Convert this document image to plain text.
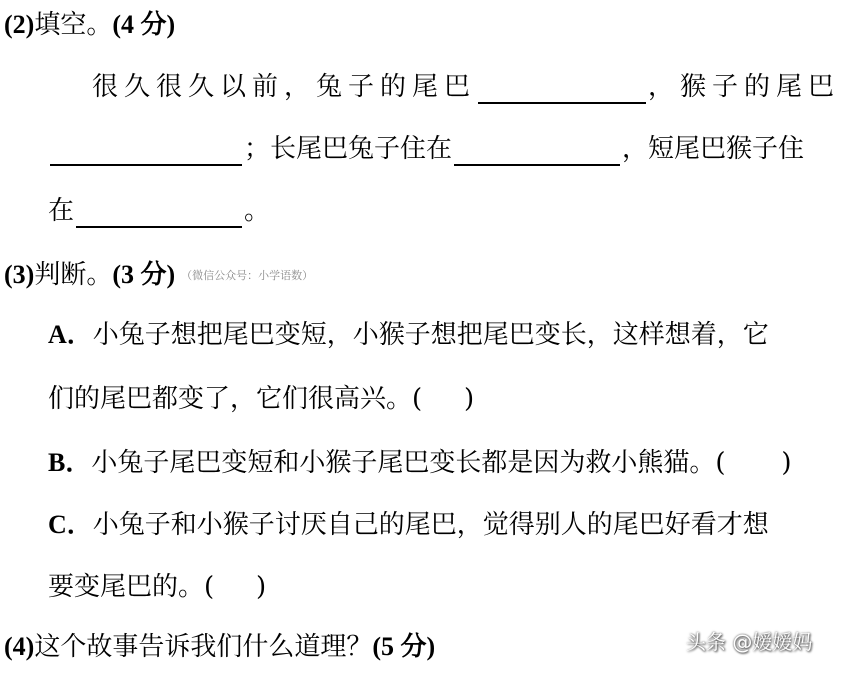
(2)填空。(4 分)
很久很久以前，兔子的尾巴	，猴子的尾巴
；长尾巴兔子住在	，短尾巴猴子住
在	。
(3)判断。(3 分) （微信公众号：小学语数）
A．小兔子想把尾巴变短，小猴子想把尾巴变长，这样想着，它
们的尾巴都变了，它们很高兴。( )
B．小兔子尾巴变短和小猴子尾巴变长都是因为救小熊猫。( )
C．小兔子和小猴子讨厌自己的尾巴，觉得别人的尾巴好看才想
要变尾巴的。( )
(4)这个故事告诉我们什么道理？(5 分)	头条 @嫒嫒妈
